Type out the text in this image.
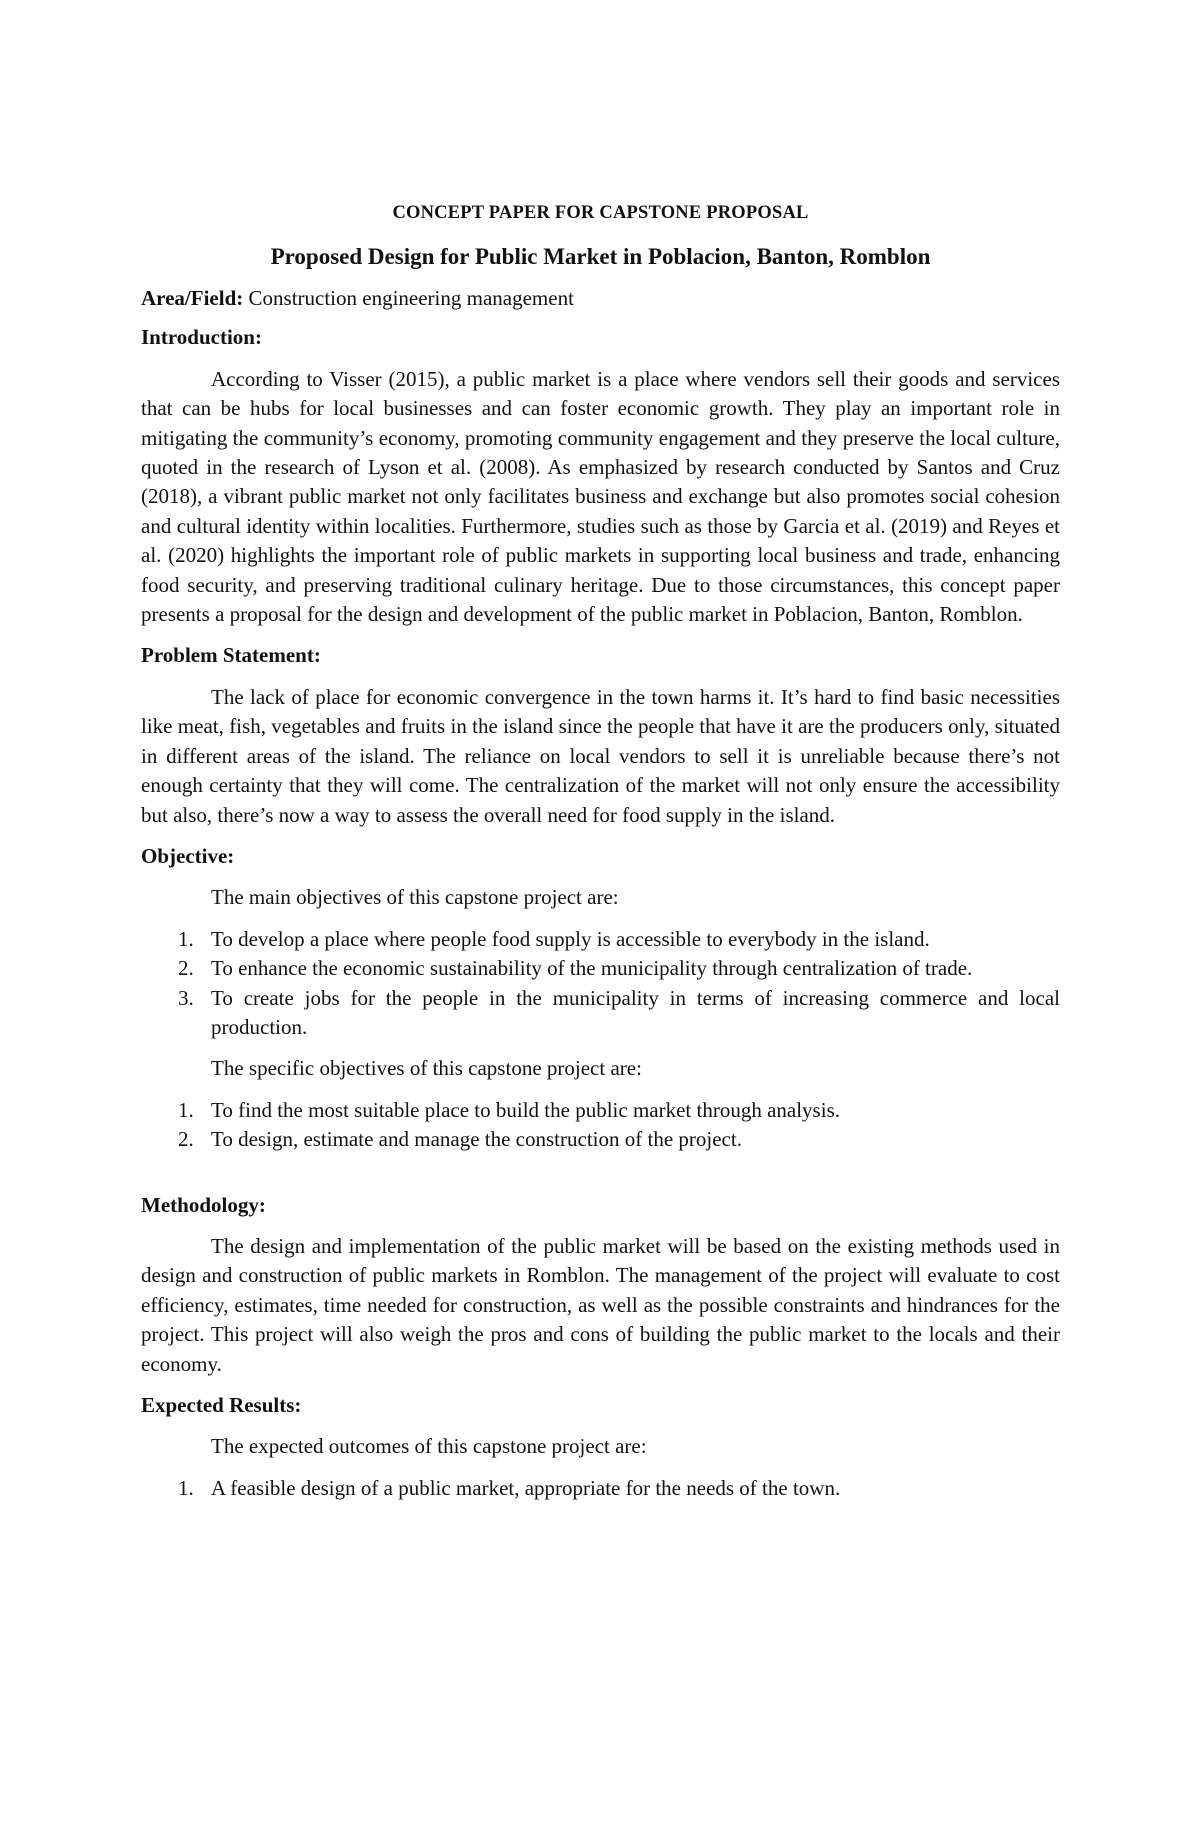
CONCEPT PAPER FOR CAPSTONE PROPOSAL
Proposed Design for Public Market in Poblacion, Banton, Romblon
Area/Field: Construction engineering management
Introduction:

According to Visser (2015), a public market is a place where vendors sell their goods and services that can be hubs for local businesses and can foster economic growth. They play an important role in mitigating the community’s economy, promoting community engagement and they preserve the local culture, quoted in the research of Lyson et al. (2008). As emphasized by research conducted by Santos and Cruz (2018), a vibrant public market not only facilitates business and exchange but also promotes social cohesion and cultural identity within localities. Furthermore, studies such as those by Garcia et al. (2019) and Reyes et al. (2020) highlights the important role of public markets in supporting local business and trade, enhancing food security, and preserving traditional culinary heritage. Due to those circumstances, this concept paper presents a proposal for the design and development of the public market in Poblacion, Banton, Romblon.

Problem Statement:

The lack of place for economic convergence in the town harms it. It’s hard to find basic necessities like meat, fish, vegetables and fruits in the island since the people that have it are the producers only, situated in different areas of the island. The reliance on local vendors to sell it is unreliable because there’s not enough certainty that they will come. The centralization of the market will not only ensure the accessibility but also, there’s now a way to assess the overall need for food supply in the island.

Objective:
The main objectives of this capstone project are:
1. To develop a place where people food supply is accessible to everybody in the island.
2. To enhance the economic sustainability of the municipality through centralization of trade.
3. To create jobs for the people in the municipality in terms of increasing commerce and local production.
The specific objectives of this capstone project are:
1. To find the most suitable place to build the public market through analysis.
2. To design, estimate and manage the construction of the project.
Methodology:

The design and implementation of the public market will be based on the existing methods used in design and construction of public markets in Romblon. The management of the project will evaluate to cost efficiency, estimates, time needed for construction, as well as the possible constraints and hindrances for the project. This project will also weigh the pros and cons of building the public market to the locals and their economy.

Expected Results:
The expected outcomes of this capstone project are:
1. A feasible design of a public market, appropriate for the needs of the town.
